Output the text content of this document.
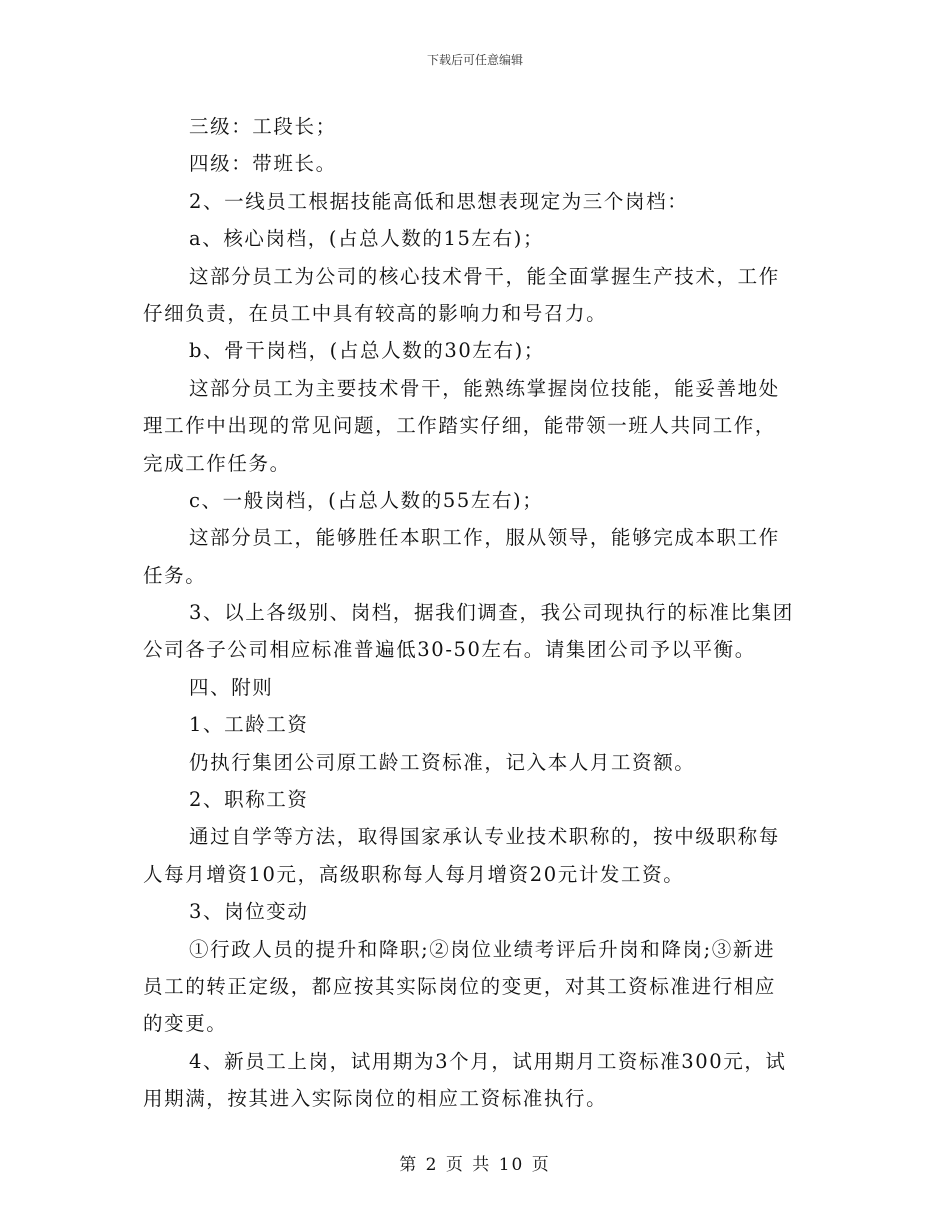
下载后可任意编辑
三级：工段长；
四级：带班长。
2、一线员工根据技能高低和思想表现定为三个岗档：
a、核心岗档，(占总人数的15左右)；
这部分员工为公司的核心技术骨干，能全面掌握生产技术，工作
仔细负责，在员工中具有较高的影响力和号召力。
b、骨干岗档，(占总人数的30左右)；
这部分员工为主要技术骨干，能熟练掌握岗位技能，能妥善地处
理工作中出现的常见问题，工作踏实仔细，能带领一班人共同工作，
完成工作任务。
c、一般岗档，(占总人数的55左右)；
这部分员工，能够胜任本职工作，服从领导，能够完成本职工作
任务。
3、以上各级别、岗档，据我们调查，我公司现执行的标准比集团
公司各子公司相应标准普遍低30-50左右。请集团公司予以平衡。
四、附则
1、工龄工资
仍执行集团公司原工龄工资标准，记入本人月工资额。
2、职称工资
通过自学等方法，取得国家承认专业技术职称的，按中级职称每
人每月增资10元，高级职称每人每月增资20元计发工资。
3、岗位变动
①行政人员的提升和降职;②岗位业绩考评后升岗和降岗;③新进
员工的转正定级，都应按其实际岗位的变更，对其工资标准进行相应
的变更。
4、新员工上岗，试用期为3个月，试用期月工资标准300元，试
用期满，按其进入实际岗位的相应工资标准执行。
第 2 页 共 10 页
